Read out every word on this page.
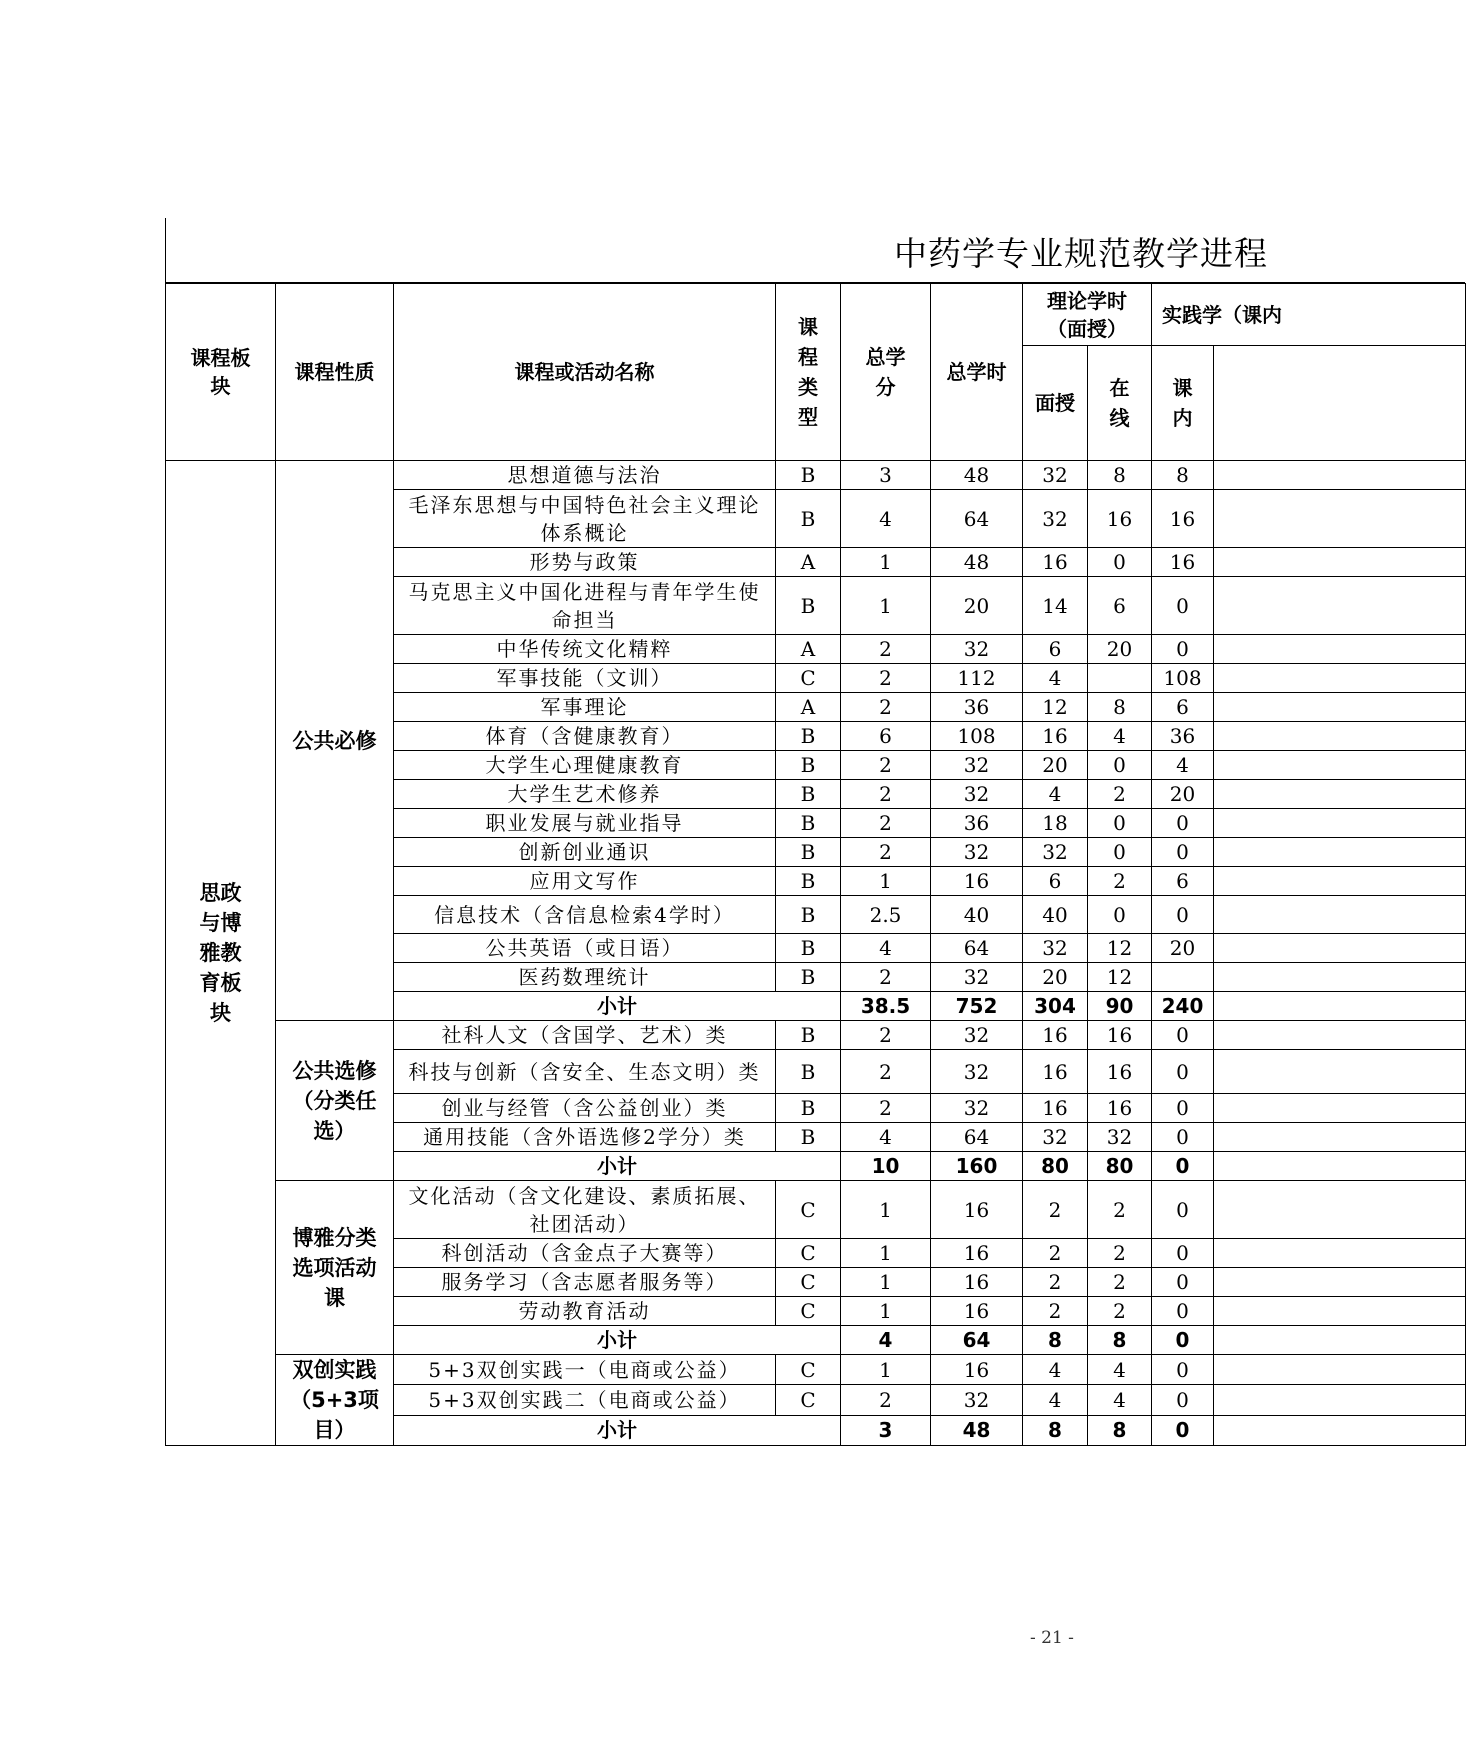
中药学专业规范教学进程
课程板块	课程性质	课程或活动名称	课程类型	总学分	总学时	理论学时（面授）		实践学（课内	
						面授	在线	课内	
思政与博雅教育板块	公共必修	思想道德与法治	B	3	48	32	8	8	
		毛泽东思想与中国特色社会主义理论体系概论	B	4	64	32	16	16	
		形势与政策	A	1	48	16	0	16	
		马克思主义中国化进程与青年学生使命担当	B	1	20	14	6	0	
		中华传统文化精粹	A	2	32	6	20	0	
		军事技能（文训）	C	2	112	4		108	
		军事理论	A	2	36	12	8	6	
		体育（含健康教育）	B	6	108	16	4	36	
		大学生心理健康教育	B	2	32	20	0	4	
		大学生艺术修养	B	2	32	4	2	20	
		职业发展与就业指导	B	2	36	18	0	0	
		创新创业通识	B	2	32	32	0	0	
		应用文写作	B	1	16	6	2	6	
		信息技术（含信息检索4学时）	B	2.5	40	40	0	0	
		公共英语（或日语）	B	4	64	32	12	20	
		医药数理统计	B	2	32	20	12		
		小计		38.5	752	304	90	240	
	公共选修（分类任选）	社科人文（含国学、艺术）类	B	2	32	16	16	0	
		科技与创新（含安全、生态文明）类	B	2	32	16	16	0	
		创业与经管（含公益创业）类	B	2	32	16	16	0	
		通用技能（含外语选修2学分）类	B	4	64	32	32	0	
		小计		10	160	80	80	0	
	博雅分类选项活动课	文化活动（含文化建设、素质拓展、社团活动）	C	1	16	2	2	0	
		科创活动（含金点子大赛等）	C	1	16	2	2	0	
		服务学习（含志愿者服务等）	C	1	16	2	2	0	
		劳动教育活动	C	1	16	2	2	0	
		小计		4	64	8	8	0	
	双创实践（5+3项目）	5+3双创实践一（电商或公益）	C	1	16	4	4	0	
		5+3双创实践二（电商或公益）	C	2	32	4	4	0	
		小计		3	48	8	8	0	
- 21 -
